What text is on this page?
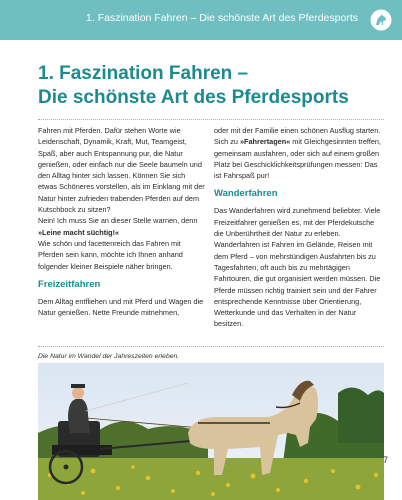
1. Faszination Fahren – Die schönste Art des Pferdesports
1. Faszination Fahren –
Die schönste Art des Pferdesports

Fahren mit Pferden. Dafür stehen Worte wie Leidenschaft, Dynamik, Kraft, Mut, Teamgeist, Spaß, aber auch Entspannung pur, die Natur genießen, oder einfach nur die Seele baumeln und den Alltag hinter sich lassen. Können Sie sich etwas Schöneres vorstellen, als im Einklang mit der Natur hinter zufrieden trabenden Pferden auf dem Kutschbock zu sitzen?

Nein! Ich muss Sie an dieser Stelle warnen, denn »Leine macht süchtig!«

Wie schön und facettenreich das Fahren mit Pferden sein kann, möchte ich Ihnen anhand folgender kleiner Beispiele näher bringen.

Freizeitfahren

Dem Alltag entfliehen und mit Pferd und Wagen die Natur genießen. Nette Freunde mitnehmen,

oder mit der Familie einen schönen Ausflug starten. Sich zu »Fahrertagen« mit Gleichgesinnten treffen, gemeinsam ausfahren, oder sich auf einem großen Platz bei Geschicklichkeitsprüfungen messen: Das ist Fahrspaß pur!

Wanderfahren

Das Wanderfahren wird zunehmend beliebter. Viele Freizeitfahrer genießen es, mit der Pferdekutsche die Unberührtheit der Natur zu erleben. Wanderfahren ist Fahren im Gelände, Reisen mit dem Pferd – von mehrstündigen Ausfahrten bis zu Tagesfahrten, oft auch bis zu mehrtägigen Fahrtouren, die gut organisiert werden müssen. Die Pferde müssen richtig trainiert sein und der Fahrer entsprechende Kenntnisse über Orientierung, Wetterkunde und das Verhalten in der Natur besitzen.

Die Natur im Wandel der Jahreszeiten erleben.
7
